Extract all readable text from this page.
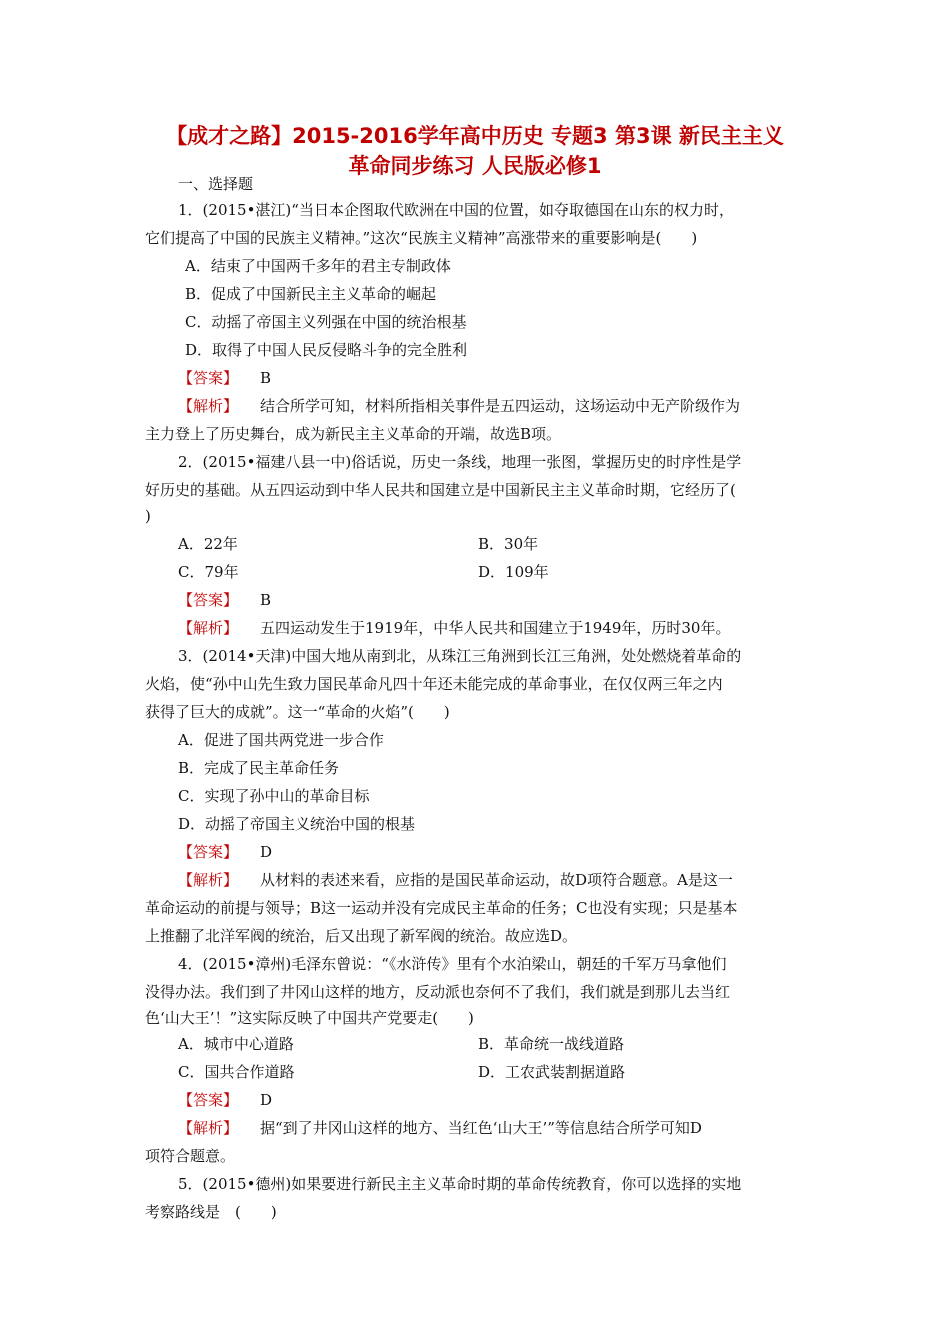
【成才之路】2015-2016学年高中历史 专题3 第3课 新民主主义
革命同步练习 人民版必修1
一、选择题
1．(2015•湛江)“当日本企图取代欧洲在中国的位置，如夺取德国在山东的权力时，
它们提高了中国的民族主义精神。”这次“民族主义精神”高涨带来的重要影响是(　　)
A．结束了中国两千多年的君主专制政体
B．促成了中国新民主主义革命的崛起
C．动摇了帝国主义列强在中国的统治根基
D．取得了中国人民反侵略斗争的完全胜利
【答案】 B
【解析】 结合所学可知，材料所指相关事件是五四运动，这场运动中无产阶级作为
主力登上了历史舞台，成为新民主主义革命的开端，故选B项。
2．(2015•福建八县一中)俗话说，历史一条线，地理一张图，掌握历史的时序性是学
好历史的基础。从五四运动到中华人民共和国建立是中国新民主主义革命时期，它经历了(
)
A．22年	B．30年
C．79年	D．109年
【答案】 B
【解析】 五四运动发生于1919年，中华人民共和国建立于1949年，历时30年。
3．(2014•天津)中国大地从南到北，从珠江三角洲到长江三角洲，处处燃烧着革命的
火焰，使“孙中山先生致力国民革命凡四十年还未能完成的革命事业，在仅仅两三年之内
获得了巨大的成就”。这一“革命的火焰”(　　)
A．促进了国共两党进一步合作
B．完成了民主革命任务
C．实现了孙中山的革命目标
D．动摇了帝国主义统治中国的根基
【答案】 D
【解析】 从材料的表述来看，应指的是国民革命运动，故D项符合题意。A是这一
革命运动的前提与领导；B这一运动并没有完成民主革命的任务；C也没有实现；只是基本
上推翻了北洋军阀的统治，后又出现了新军阀的统治。故应选D。
4．(2015•漳州)毛泽东曾说：“《水浒传》里有个水泊梁山，朝廷的千军万马拿他们
没得办法。我们到了井冈山这样的地方，反动派也奈何不了我们，我们就是到那儿去当红
色‘山大王’！”这实际反映了中国共产党要走(　　)
A．城市中心道路	B．革命统一战线道路
C．国共合作道路	D．工农武装割据道路
【答案】 D
【解析】 据“到了井冈山这样的地方、当红色‘山大王’”等信息结合所学可知D
项符合题意。
5．(2015•德州)如果要进行新民主主义革命时期的革命传统教育，你可以选择的实地
考察路线是　(　　)
